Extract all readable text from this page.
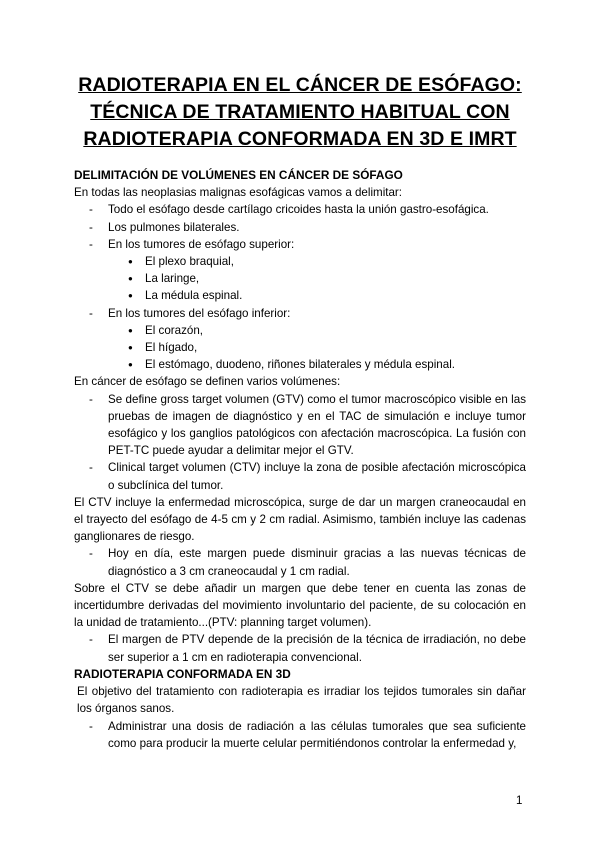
RADIOTERAPIA EN EL CÁNCER DE ESÓFAGO:
TÉCNICA DE TRATAMIENTO HABITUAL CON
RADIOTERAPIA CONFORMADA EN 3D E IMRT
DELIMITACIÓN DE VOLÚMENES EN CÁNCER DE SÓFAGO
En todas las neoplasias malignas esofágicas vamos a delimitar:
- Todo el esófago desde cartílago cricoides hasta la unión gastro-esofágica.
- Los pulmones bilaterales.
- En los tumores de esófago superior:
● El plexo braquial,
● La laringe,
● La médula espinal.
- En los tumores del esófago inferior:
● El corazón,
● El hígado,
● El estómago, duodeno, riñones bilaterales y médula espinal.
En cáncer de esófago se definen varios volúmenes:
- Se define gross target volumen (GTV) como el tumor macroscópico visible en las pruebas de imagen de diagnóstico y en el TAC de simulación e incluye tumor esofágico y los ganglios patológicos con afectación macroscópica. La fusión con PET-TC puede ayudar a delimitar mejor el GTV.
- Clinical target volumen (CTV) incluye la zona de posible afectación microscópica o subclínica del tumor.
El CTV incluye la enfermedad microscópica, surge de dar un margen craneocaudal en el trayecto del esófago de 4-5 cm y 2 cm radial. Asimismo, también incluye las cadenas ganglionares de riesgo.
- Hoy en día, este margen puede disminuir gracias a las nuevas técnicas de diagnóstico a 3 cm craneocaudal y 1 cm radial.
Sobre el CTV se debe añadir un margen que debe tener en cuenta las zonas de incertidumbre derivadas del movimiento involuntario del paciente, de su colocación en la unidad de tratamiento...(PTV: planning target volumen).
- El margen de PTV depende de la precisión de la técnica de irradiación, no debe ser superior a 1 cm en radioterapia convencional.
RADIOTERAPIA CONFORMADA EN 3D
El objetivo del tratamiento con radioterapia es irradiar los tejidos tumorales sin dañar los órganos sanos.
- Administrar una dosis de radiación a las células tumorales que sea suficiente como para producir la muerte celular permitiéndonos controlar la enfermedad y,
1
